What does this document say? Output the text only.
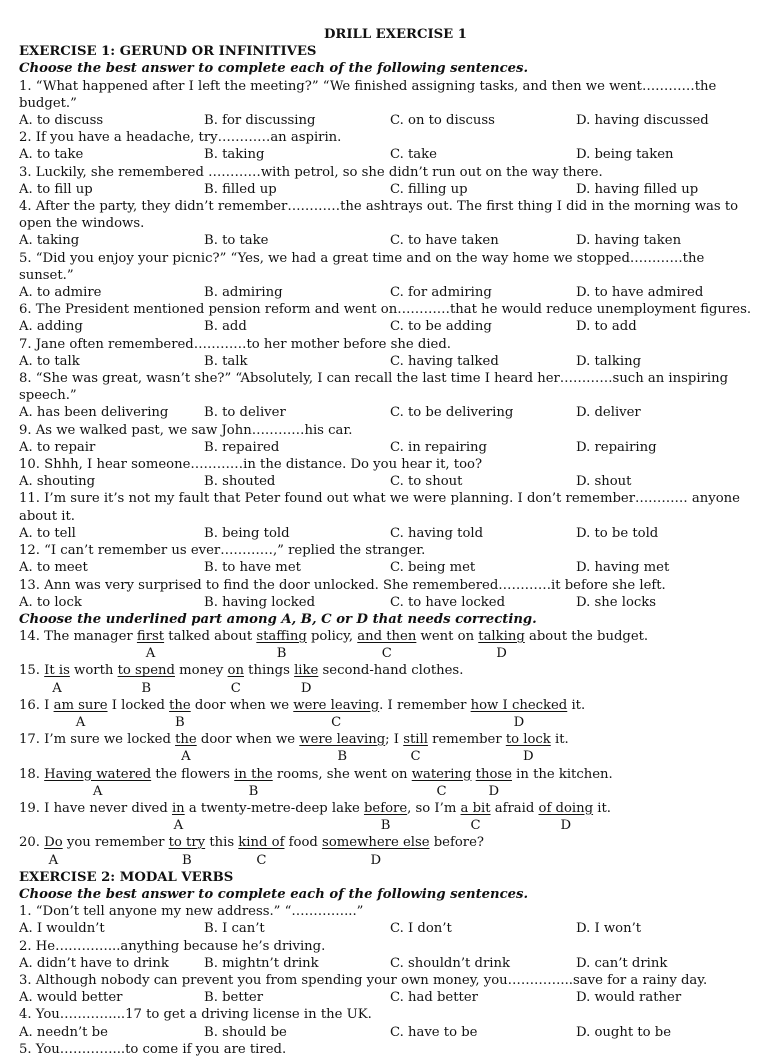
DRILL EXERCISE 1
EXERCISE 1: GERUND OR INFINITIVES
Choose the best answer to complete each of the following sentences.
1. “What happened after I left the meeting?” “We finished assigning tasks, and then we went…………the budget.”
A. to discuss	B. for discussing	C. on to discuss	D. having discussed
2. If you have a headache, try…………an aspirin.
A. to take	B. taking	C. take	D. being taken
3. Luckily, she remembered …………with petrol, so she didn’t run out on the way there.
A. to fill up	B. filled up	C. filling up	D. having filled up
4. After the party, they didn’t remember…………the ashtrays out. The first thing I did in the morning was to open the windows.
A. taking	B. to take	C. to have taken	D. having taken
5. “Did you enjoy your picnic?” “Yes, we had a great time and on the way home we stopped…………the sunset.”
A. to admire	B. admiring	C. for admiring	D. to have admired
6. The President mentioned pension reform and went on…………that he would reduce unemployment figures.
A. adding	B. add	C. to be adding	D. to add
7. Jane often remembered…………to her mother before she died.
A. to talk	B. talk	C. having talked	D. talking
8. “She was great, wasn’t she?” “Absolutely, I can recall the last time I heard her…………such an inspiring speech.”
A. has been delivering	B. to deliver	C. to be delivering	D. deliver
9. As we walked past, we saw John…………his car.
A. to repair	B. repaired	C. in repairing	D. repairing
10. Shhh, I hear someone…………in the distance. Do you hear it, too?
A. shouting	B. shouted	C. to shout	D. shout
11. I’m sure it’s not my fault that Peter found out what we were planning. I don’t remember………… anyone about it.
A. to tell	B. being told	C. having told	D. to be told
12. “I can’t remember us ever…………,” replied the stranger.
A. to meet	B. to have met	C. being met	D. having met
13. Ann was very surprised to find the door unlocked. She remembered…………it before she left.
A. to lock	B. having locked	C. to have locked	D. she locks
Choose the underlined part among A, B, C or D that needs correcting.
14. The manager first talked about staffing policy, and then went on talking about the budget.
A	B	C	D
15. It is worth to spend money on things like second-hand clothes.
A	B	C	D
16. I am sure I locked the door when we were leaving. I remember how I checked it.
A	B	C	D
17. I’m sure we locked the door when we were leaving; I still remember to lock it.
A	B	C	D
18. Having watered the flowers in the rooms, she went on watering those in the kitchen.
A	B	C	D
19. I have never dived in a twenty-metre-deep lake before, so I’m a bit afraid of doing it.
A	B	C	D
20. Do you remember to try this kind of food somewhere else before?
A	B	C	D
EXERCISE 2: MODAL VERBS
Choose the best answer to complete each of the following sentences.
1. “Don’t tell anyone my new address.” “…………...”
A. I wouldn’t	B. I can’t	C. I don’t	D. I won’t
2. He…………...anything because he’s driving.
A. didn’t have to drink	B. mightn’t drink	C. shouldn’t drink	D. can’t drink
3. Although nobody can prevent you from spending your own money, you…………...save for a rainy day.
A. would better	B. better	C. had better	D. would rather
4. You…………...17 to get a driving license in the UK.
A. needn’t be	B. should be	C. have to be	D. ought to be
5. You…………...to come if you are tired.
